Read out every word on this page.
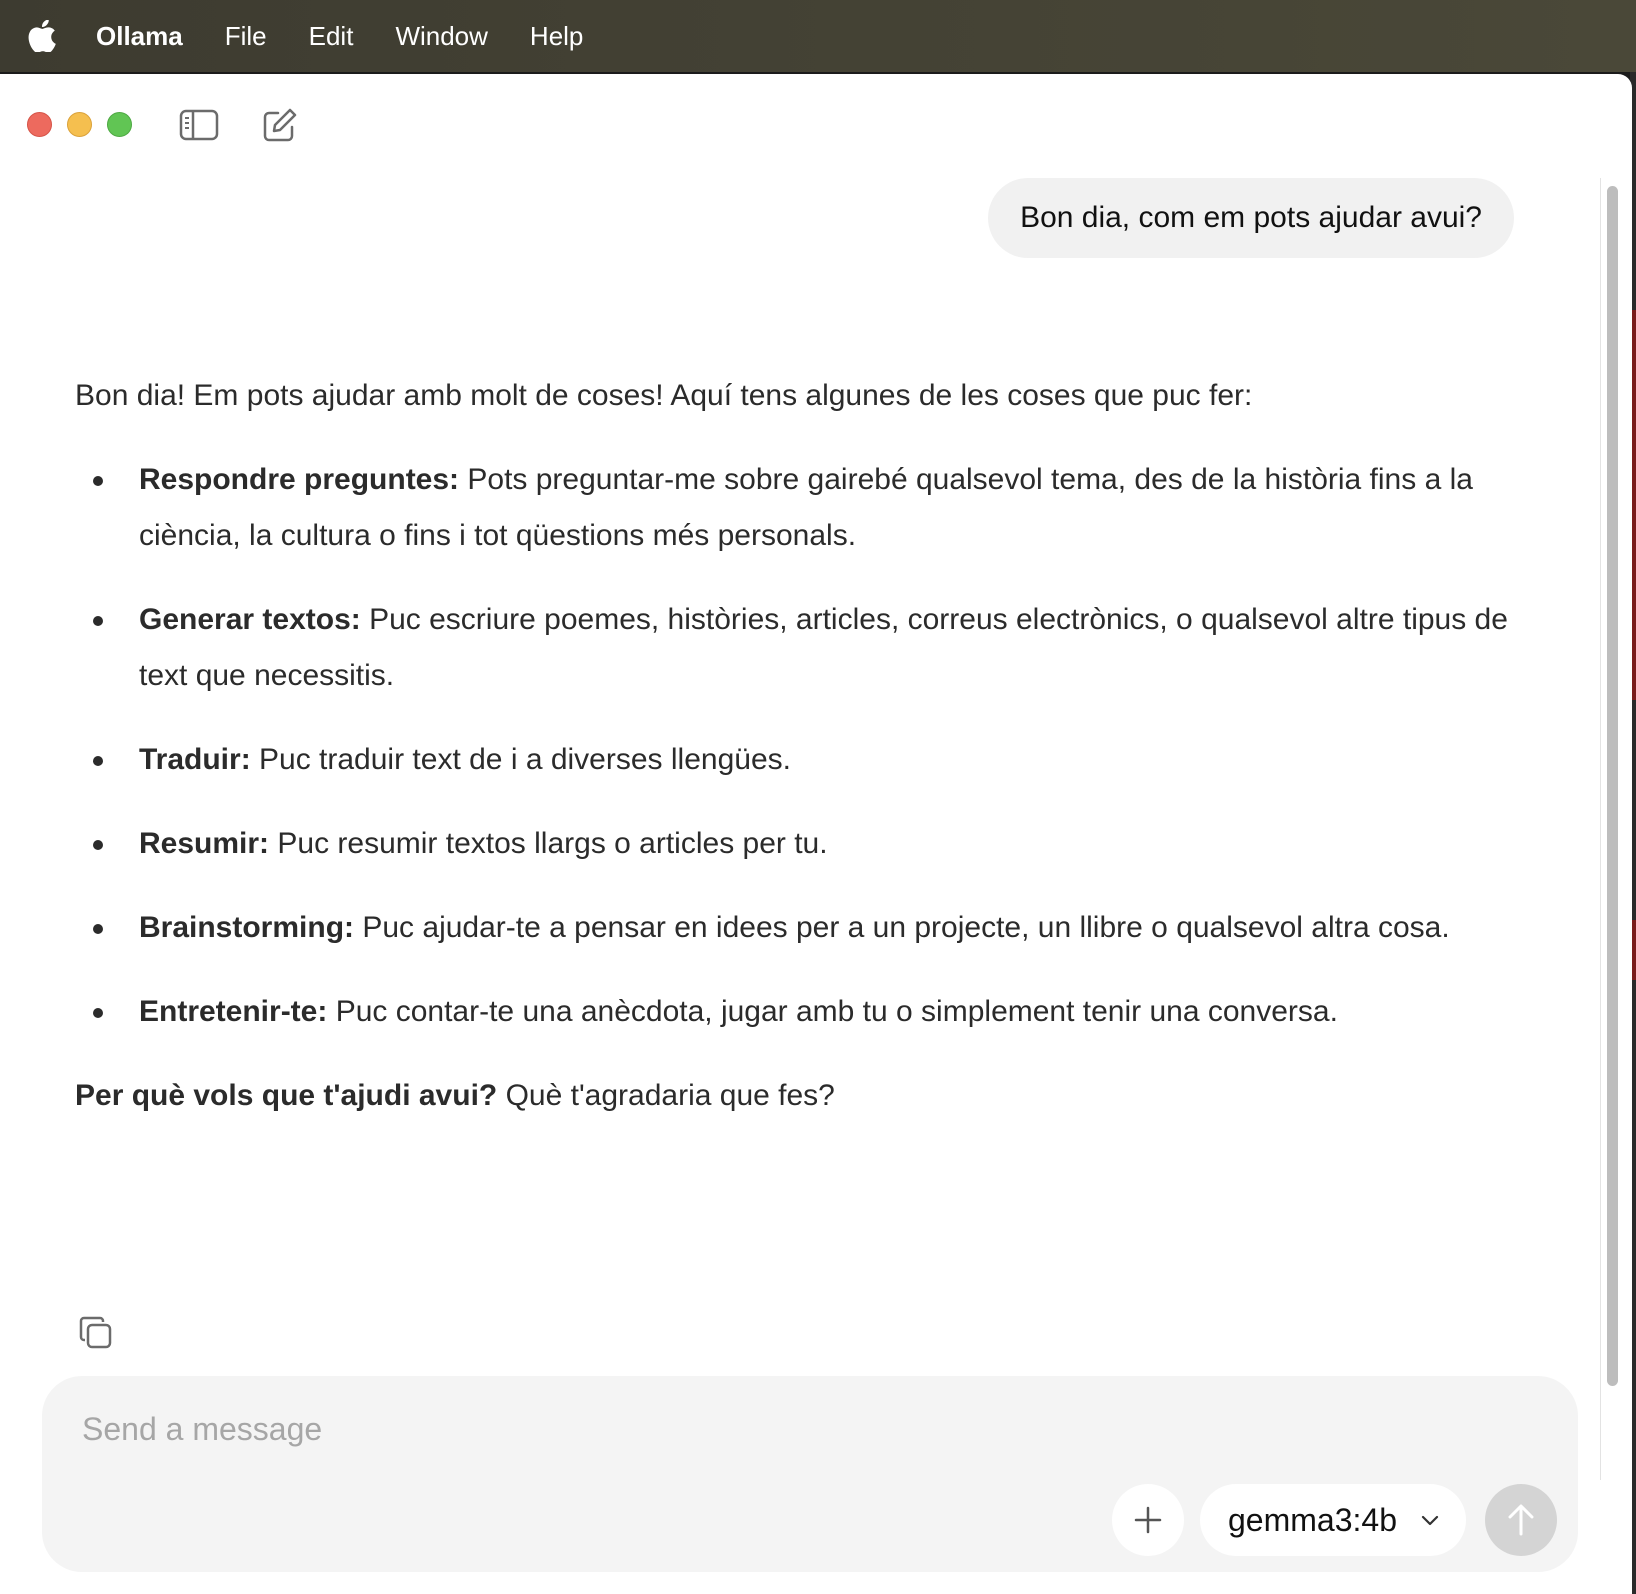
Ollama File Edit Window Help
Bon dia, com em pots ajudar avui?

Bon dia! Em pots ajudar amb molt de coses! Aquí tens algunes de les coses que puc fer:

Respondre preguntes: Pots preguntar-me sobre gairebé qualsevol tema, des de la història fins a la ciència, la cultura o fins i tot qüestions més personals.
Generar textos: Puc escriure poemes, històries, articles, correus electrònics, o qualsevol altre tipus de text que necessitis.
Traduir: Puc traduir text de i a diverses llengües.
Resumir: Puc resumir textos llargs o articles per tu.
Brainstorming: Puc ajudar-te a pensar en idees per a un projecte, un llibre o qualsevol altra cosa.
Entretenir-te: Puc contar-te una anècdota, jugar amb tu o simplement tenir una conversa.

Per què vols que t'ajudi avui? Què t'agradaria que fes?

Send a message
gemma3:4b
